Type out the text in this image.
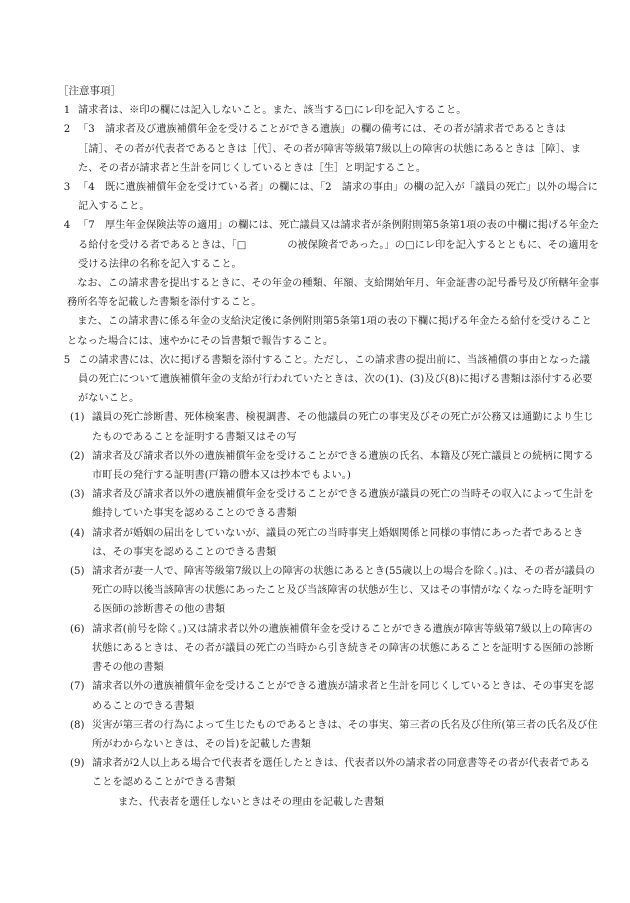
［注意事項］
1 請求者は、※印の欄には記入しないこと。また、該当する□にレ印を記入すること。
2 「3　請求者及び遺族補償年金を受けることができる遺族」の欄の備考には、その者が請求者であるときは［請］、その者が代表者であるときは［代］、その者が障害等級第7級以上の障害の状態にあるときは［障］、また、その者が請求者と生計を同じくしているときは［生］と明記すること。
3 「4　既に遺族補償年金を受けている者」の欄には、「2　請求の事由」の欄の記入が「議員の死亡」以外の場合に記入すること。
4 「7　厚生年金保険法等の適用」の欄には、死亡議員又は請求者が条例附則第5条第1項の表の中欄に掲げる年金たる給付を受ける者であるときは、「□　　　　の被保険者であった。」の□にレ印を記入するとともに、その適用を受ける法律の名称を記入すること。
なお、この請求書を提出するときに、その年金の種類、年額、支給開始年月、年金証書の記号番号及び所轄年金事務所名等を記載した書類を添付すること。
また、この請求書に係る年金の支給決定後に条例附則第5条第1項の表の下欄に掲げる年金たる給付を受けることとなった場合には、速やかにその旨書類で報告すること。
5 この請求書には、次に掲げる書類を添付すること。ただし、この請求書の提出前に、当該補償の事由となった議員の死亡について遺族補償年金の支給が行われていたときは、次の(1)、(3)及び(8)に掲げる書類は添付する必要がないこと。
(1) 議員の死亡診断書、死体検案書、検視調書、その他議員の死亡の事実及びその死亡が公務又は通勤により生じたものであることを証明する書類又はその写
(2) 請求者及び請求者以外の遺族補償年金を受けることができる遺族の氏名、本籍及び死亡議員との続柄に関する市町長の発行する証明書(戸籍の謄本又は抄本でもよい。)
(3) 請求者及び請求者以外の遺族補償年金を受けることができる遺族が議員の死亡の当時その収入によって生計を維持していた事実を認めることのできる書類
(4) 請求者が婚姻の届出をしていないが、議員の死亡の当時事実上婚姻関係と同様の事情にあった者であるときは、その事実を認めることのできる書類
(5) 請求者が妻一人で、障害等級第7級以上の障害の状態にあるとき(55歳以上の場合を除く。)は、その者が議員の死亡の時以後当該障害の状態にあったこと及び当該障害の状態が生じ、又はその事情がなくなった時を証明する医師の診断書その他の書類
(6) 請求者(前号を除く。)又は請求者以外の遺族補償年金を受けることができる遺族が障害等級第7級以上の障害の状態にあるときは、その者が議員の死亡の当時から引き続きその障害の状態にあることを証明する医師の診断書その他の書類
(7) 請求者以外の遺族補償年金を受けることができる遺族が請求者と生計を同じくしているときは、その事実を認めることのできる書類
(8) 災害が第三者の行為によって生じたものであるときは、その事実、第三者の氏名及び住所(第三者の氏名及び住所がわからないときは、その旨)を記載した書類
(9) 請求者が2人以上ある場合で代表者を選任したときは、代表者以外の請求者の同意書等その者が代表者であることを認めることができる書類
また、代表者を選任しないときはその理由を記載した書類
